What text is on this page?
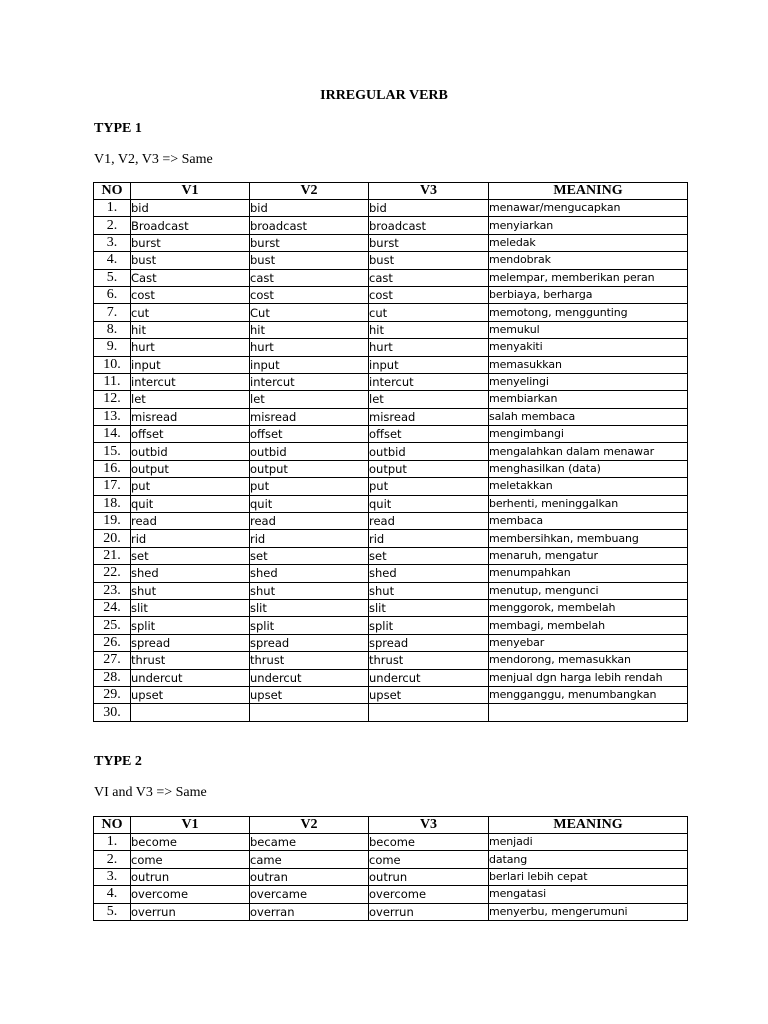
IRREGULAR VERB
TYPE 1
V1, V2, V3 => Same
NO	V1	V2	V3	MEANING
1.	bid	bid	bid	menawar/mengucapkan
2.	Broadcast	broadcast	broadcast	menyiarkan
3.	burst	burst	burst	meledak
4.	bust	bust	bust	mendobrak
5.	Cast	cast	cast	melempar, memberikan peran
6.	cost	cost	cost	berbiaya, berharga
7.	cut	Cut	cut	memotong, menggunting
8.	hit	hit	hit	memukul
9.	hurt	hurt	hurt	menyakiti
10.	input	input	input	memasukkan
11.	intercut	intercut	intercut	menyelingi
12.	let	let	let	membiarkan
13.	misread	misread	misread	salah membaca
14.	offset	offset	offset	mengimbangi
15.	outbid	outbid	outbid	mengalahkan dalam menawar
16.	output	output	output	menghasilkan (data)
17.	put	put	put	meletakkan
18.	quit	quit	quit	berhenti, meninggalkan
19.	read	read	read	membaca
20.	rid	rid	rid	membersihkan, membuang
21.	set	set	set	menaruh, mengatur
22.	shed	shed	shed	menumpahkan
23.	shut	shut	shut	menutup, mengunci
24.	slit	slit	slit	menggorok, membelah
25.	split	split	split	membagi, membelah
26.	spread	spread	spread	menyebar
27.	thrust	thrust	thrust	mendorong, memasukkan
28.	undercut	undercut	undercut	menjual dgn harga lebih rendah
29.	upset	upset	upset	mengganggu, menumbangkan
30.				
TYPE 2
VI and V3 => Same
NO	V1	V2	V3	MEANING
1.	become	became	become	menjadi
2.	come	came	come	datang
3.	outrun	outran	outrun	berlari lebih cepat
4.	overcome	overcame	overcome	mengatasi
5.	overrun	overran	overrun	menyerbu, mengerumuni
